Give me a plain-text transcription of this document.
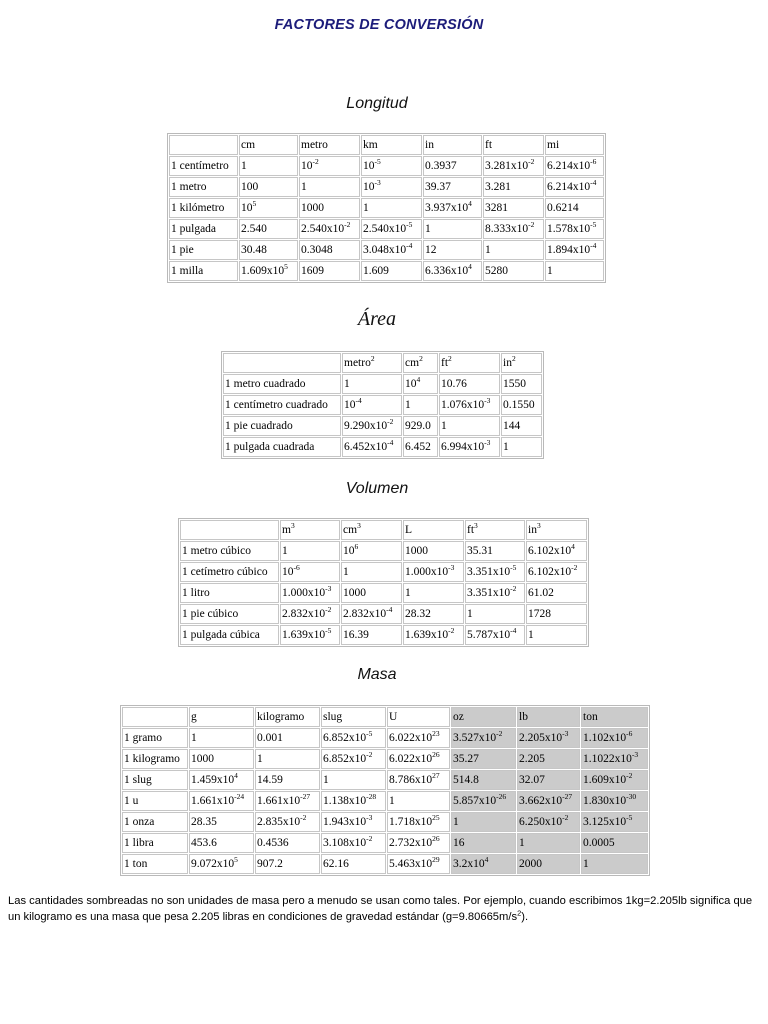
FACTORES DE CONVERSIÓN
Longitud
	cm	metro	km	in	ft	mi
1 centímetro	1	$10^{-2}$	$10^{-5}$	0.3937	$3.281x10^{-2}$	$6.214x10^{-6}$
1 metro	100	1	$10^{-3}$	39.37	3.281	$6.214x10^{-4}$
1 kilómetro	$10^5$	1000	1	$3.937x10^4$	3281	0.6214
1 pulgada	2.540	$2.540x10^{-2}$	$2.540x10^{-5}$	1	$8.333x10^{-2}$	$1.578x10^{-5}$
1 pie	30.48	0.3048	$3.048x10^{-4}$	12	1	$1.894x10^{-4}$
1 milla	$1.609x10^5$	1609	1.609	$6.336x10^4$	5280	1
Área
	metro$^2$	$cm^2$	$ft^2$	$in^2$
1 metro cuadrado	1	$10^4$	10.76	1550
1 centímetro cuadrado	$10^{-4}$	1	$1.076x10^{-3}$	0.1550
1 pie cuadrado	$9.290x10^{-2}$	929.0	1	144
1 pulgada cuadrada	$6.452x10^{-4}$	6.452	$6.994x10^{-3}$	1
Volumen
	$m^3$	$cm^3$	L	$ft^3$	$in^3$
1 metro cúbico	1	$10^6$	1000	35.31	$6.102x10^4$
1 cetímetro cúbico	$10^{-6}$	1	$1.000x10^{-3}$	$3.351x10^{-5}$	$6.102x10^{-2}$
1 litro	$1.000x10^{-3}$	1000	1	$3.351x10^{-2}$	61.02
1 pie cúbico	$2.832x10^{-2}$	$2.832x10^{-4}$	28.32	1	1728
1 pulgada cúbica	$1.639x10^{-5}$	16.39	$1.639x10^{-2}$	$5.787x10^{-4}$	1
Masa
	g	kilogramo	slug	U	oz	lb	ton
1 gramo	1	0.001	$6.852x10^{-5}$	$6.022x10^{23}$	$3.527x10^{-2}$	$2.205x10^{-3}$	$1.102x10^{-6}$
1 kilogramo	1000	1	$6.852x10^{-2}$	$6.022x10^{26}$	35.27	2.205	$1.1022x10^{-3}$
1 slug	$1.459x10^4$	14.59	1	$8.786x10^{27}$	514.8	32.07	$1.609x10^{-2}$
1 u	$1.661x10^{-24}$	$1.661x10^{-27}$	$1.138x10^{-28}$	1	$5.857x10^{-26}$	$3.662x10^{-27}$	$1.830x10^{-30}$
1 onza	28.35	$2.835x10^{-2}$	$1.943x10^{-3}$	$1.718x10^{25}$	1	$6.250x10^{-2}$	$3.125x10^{-5}$
1 libra	453.6	0.4536	$3.108x10^{-2}$	$2.732x10^{26}$	16	1	0.0005
1 ton	$9.072x10^5$	907.2	62.16	$5.463x10^{29}$	$3.2x10^4$	2000	1
Las cantidades sombreadas no son unidades de masa pero a menudo se usan como tales. Por ejemplo, cuando escribimos 1kg=2.205lb significa que un kilogramo es una masa que pesa 2.205 libras en condiciones de gravedad estándar $(g=9.80665m/s^2)$.
